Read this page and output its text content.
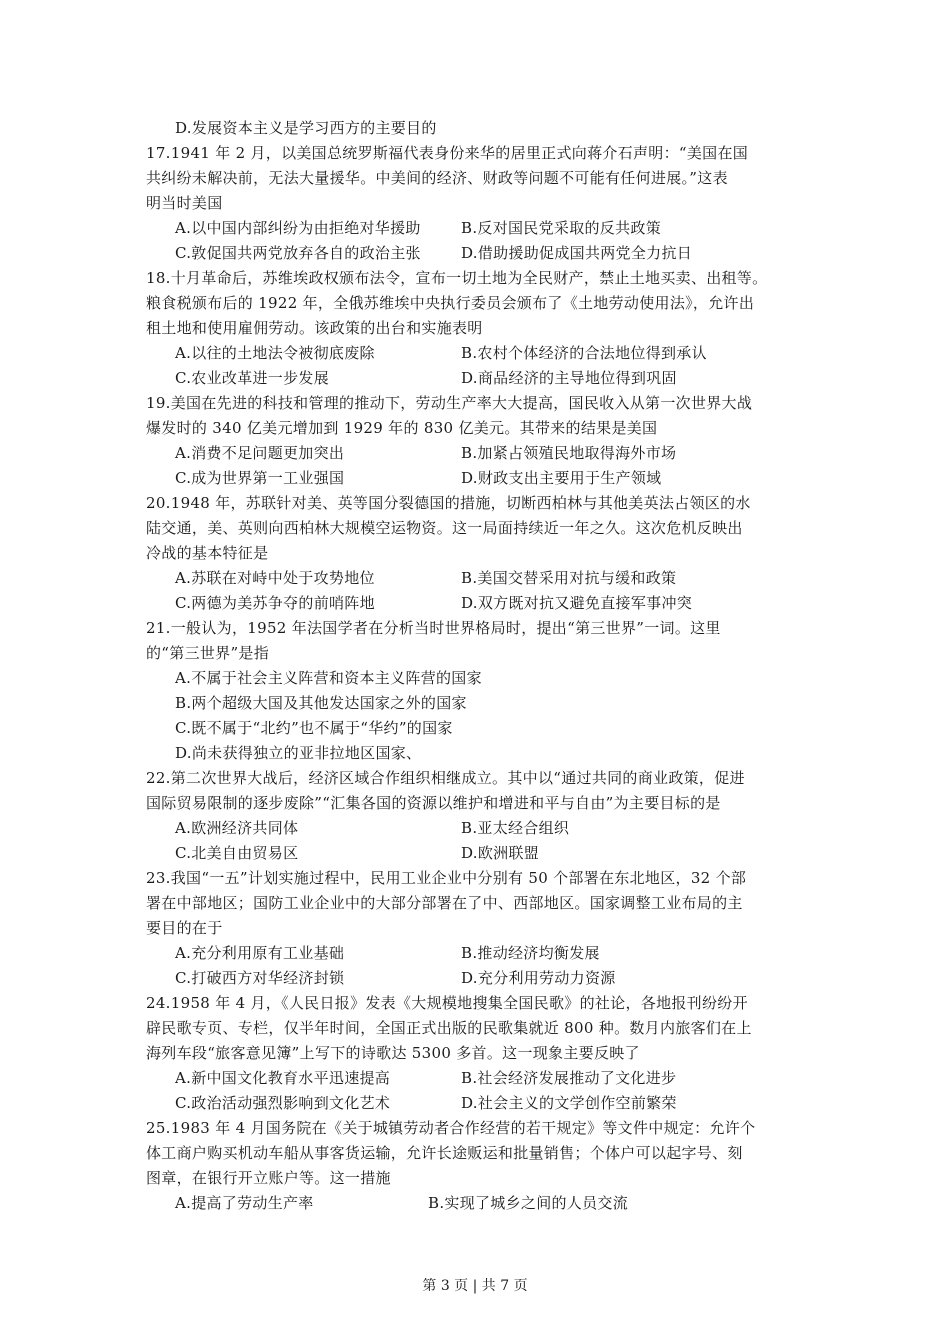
D.发展资本主义是学习西方的主要目的
17.1941 年 2 月，以美国总统罗斯福代表身份来华的居里正式向蒋介石声明：“美国在国
共纠纷未解决前，无法大量援华。中美间的经济、财政等问题不可能有任何进展。”这表
明当时美国
A.以中国内部纠纷为由拒绝对华援助	B.反对国民党采取的反共政策
C.敦促国共两党放弃各自的政治主张	D.借助援助促成国共两党全力抗日
18.十月革命后，苏维埃政权颁布法令，宣布一切土地为全民财产，禁止土地买卖、出租等。
粮食税颁布后的 1922 年，全俄苏维埃中央执行委员会颁布了《土地劳动使用法》，允许出
租土地和使用雇佣劳动。该政策的出台和实施表明
A.以往的土地法令被彻底废除	B.农村个体经济的合法地位得到承认
C.农业改革进一步发展	D.商品经济的主导地位得到巩固
19.美国在先进的科技和管理的推动下，劳动生产率大大提高，国民收入从第一次世界大战
爆发时的 340 亿美元增加到 1929 年的 830 亿美元。其带来的结果是美国
A.消费不足问题更加突出	B.加紧占领殖民地取得海外市场
C.成为世界第一工业强国	D.财政支出主要用于生产领域
20.1948 年，苏联针对美、英等国分裂德国的措施，切断西柏林与其他美英法占领区的水
陆交通，美、英则向西柏林大规模空运物资。这一局面持续近一年之久。这次危机反映出
冷战的基本特征是
A.苏联在对峙中处于攻势地位	B.美国交替采用对抗与缓和政策
C.两德为美苏争夺的前哨阵地	D.双方既对抗又避免直接军事冲突
21.一般认为，1952 年法国学者在分析当时世界格局时，提出“第三世界”一词。这里
的“第三世界”是指
A.不属于社会主义阵营和资本主义阵营的国家
B.两个超级大国及其他发达国家之外的国家
C.既不属于“北约”也不属于“华约”的国家
D.尚未获得独立的亚非拉地区国家、
22.第二次世界大战后，经济区域合作组织相继成立。其中以“通过共同的商业政策，促进
国际贸易限制的逐步废除”“汇集各国的资源以维护和增进和平与自由”为主要目标的是
A.欧洲经济共同体	B.亚太经合组织
C.北美自由贸易区	D.欧洲联盟
23.我国“一五”计划实施过程中，民用工业企业中分别有 50 个部署在东北地区，32 个部
署在中部地区；国防工业企业中的大部分部署在了中、西部地区。国家调整工业布局的主
要目的在于
A.充分利用原有工业基础	B.推动经济均衡发展
C.打破西方对华经济封锁	D.充分利用劳动力资源
24.1958 年 4 月，《人民日报》发表《大规模地搜集全国民歌》的社论，各地报刊纷纷开
辟民歌专页、专栏，仅半年时间，全国正式出版的民歌集就近 800 种。数月内旅客们在上
海列车段“旅客意见簿”上写下的诗歌达 5300 多首。这一现象主要反映了
A.新中国文化教育水平迅速提高	B.社会经济发展推动了文化进步
C.政治活动强烈影响到文化艺术	D.社会主义的文学创作空前繁荣
25.1983 年 4 月国务院在《关于城镇劳动者合作经营的若干规定》等文件中规定：允许个
体工商户购买机动车船从事客货运输，允许长途贩运和批量销售；个体户可以起字号、刻
图章，在银行开立账户等。这一措施
A.提高了劳动生产率	B.实现了城乡之间的人员交流
第 3 页 | 共 7 页
